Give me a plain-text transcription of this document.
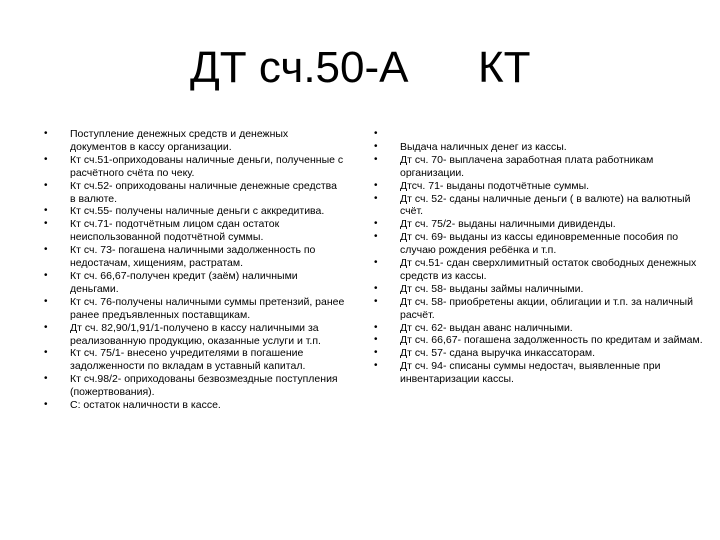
ДТ сч.50-А КТ
• Поступление денежных средств и денежных документов в кассу организации.
• Кт сч.51-оприходованы наличные деньги, полученные с расчётного счёта по чеку.
• Кт сч.52- оприходованы наличные денежные средства в валюте.
• Кт сч.55- получены наличные деньги с аккредитива.
• Кт сч.71- подотчётным лицом сдан остаток неиспользованной подотчётной суммы.
• Кт сч. 73- погашена наличными задолженность по недостачам, хищениям, растратам.
• Кт сч. 66,67-получен кредит (заём) наличными деньгами.
• Кт сч. 76-получены наличными суммы претензий, ранее ранее предъявленных поставщикам.
• Дт сч. 82,90/1,91/1-получено в кассу наличными за реализованную продукцию, оказанные услуги и т.п.
• Кт сч. 75/1- внесено учредителями в погашение задолженности по вкладам в уставный капитал.
• Кт сч.98/2- оприходованы безвозмездные поступления (пожертвования).
• С: остаток наличности в кассе.
•
• Выдача наличных денег из кассы.
• Дт сч. 70- выплачена заработная плата работникам организации.
• Дтсч. 71- выданы подотчётные суммы.
• Дт сч. 52- сданы наличные деньги ( в валюте) на валютный счёт.
• Дт сч. 75/2- выданы наличными дивиденды.
• Дт сч. 69- выданы из кассы единовременные пособия по случаю рождения ребёнка и т.п.
• Дт сч.51- сдан сверхлимитный остаток свободных денежных средств из кассы.
• Дт сч. 58- выданы займы наличными.
• Дт сч. 58- приобретены акции, облигации и т.п. за наличный расчёт.
• Дт сч. 62- выдан аванс наличными.
• Дт сч. 66,67- погашена задолженность по кредитам и займам.
• Дт сч. 57- сдана выручка инкассаторам.
• Дт сч. 94- списаны суммы недостач, выявленные при инвентаризации кассы.
